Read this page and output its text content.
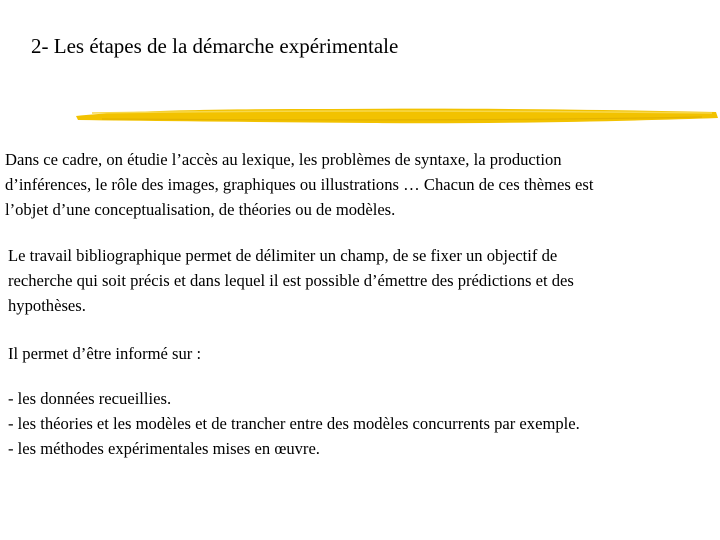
2- Les étapes de la démarche expérimentale

Dans ce cadre, on étudie l’accès au lexique, les problèmes de syntaxe, la production
d’inférences, le rôle des images, graphiques ou illustrations … Chacun de ces thèmes est
l’objet d’une conceptualisation, de théories ou de modèles.

Le travail bibliographique permet de délimiter un champ, de se fixer un objectif de
recherche qui soit précis et dans lequel il est possible d’émettre des prédictions et des
hypothèses.

Il permet d’être informé sur :

- les données recueillies.
- les théories et les modèles et de trancher entre des modèles concurrents par exemple.
- les méthodes expérimentales mises en œuvre.
